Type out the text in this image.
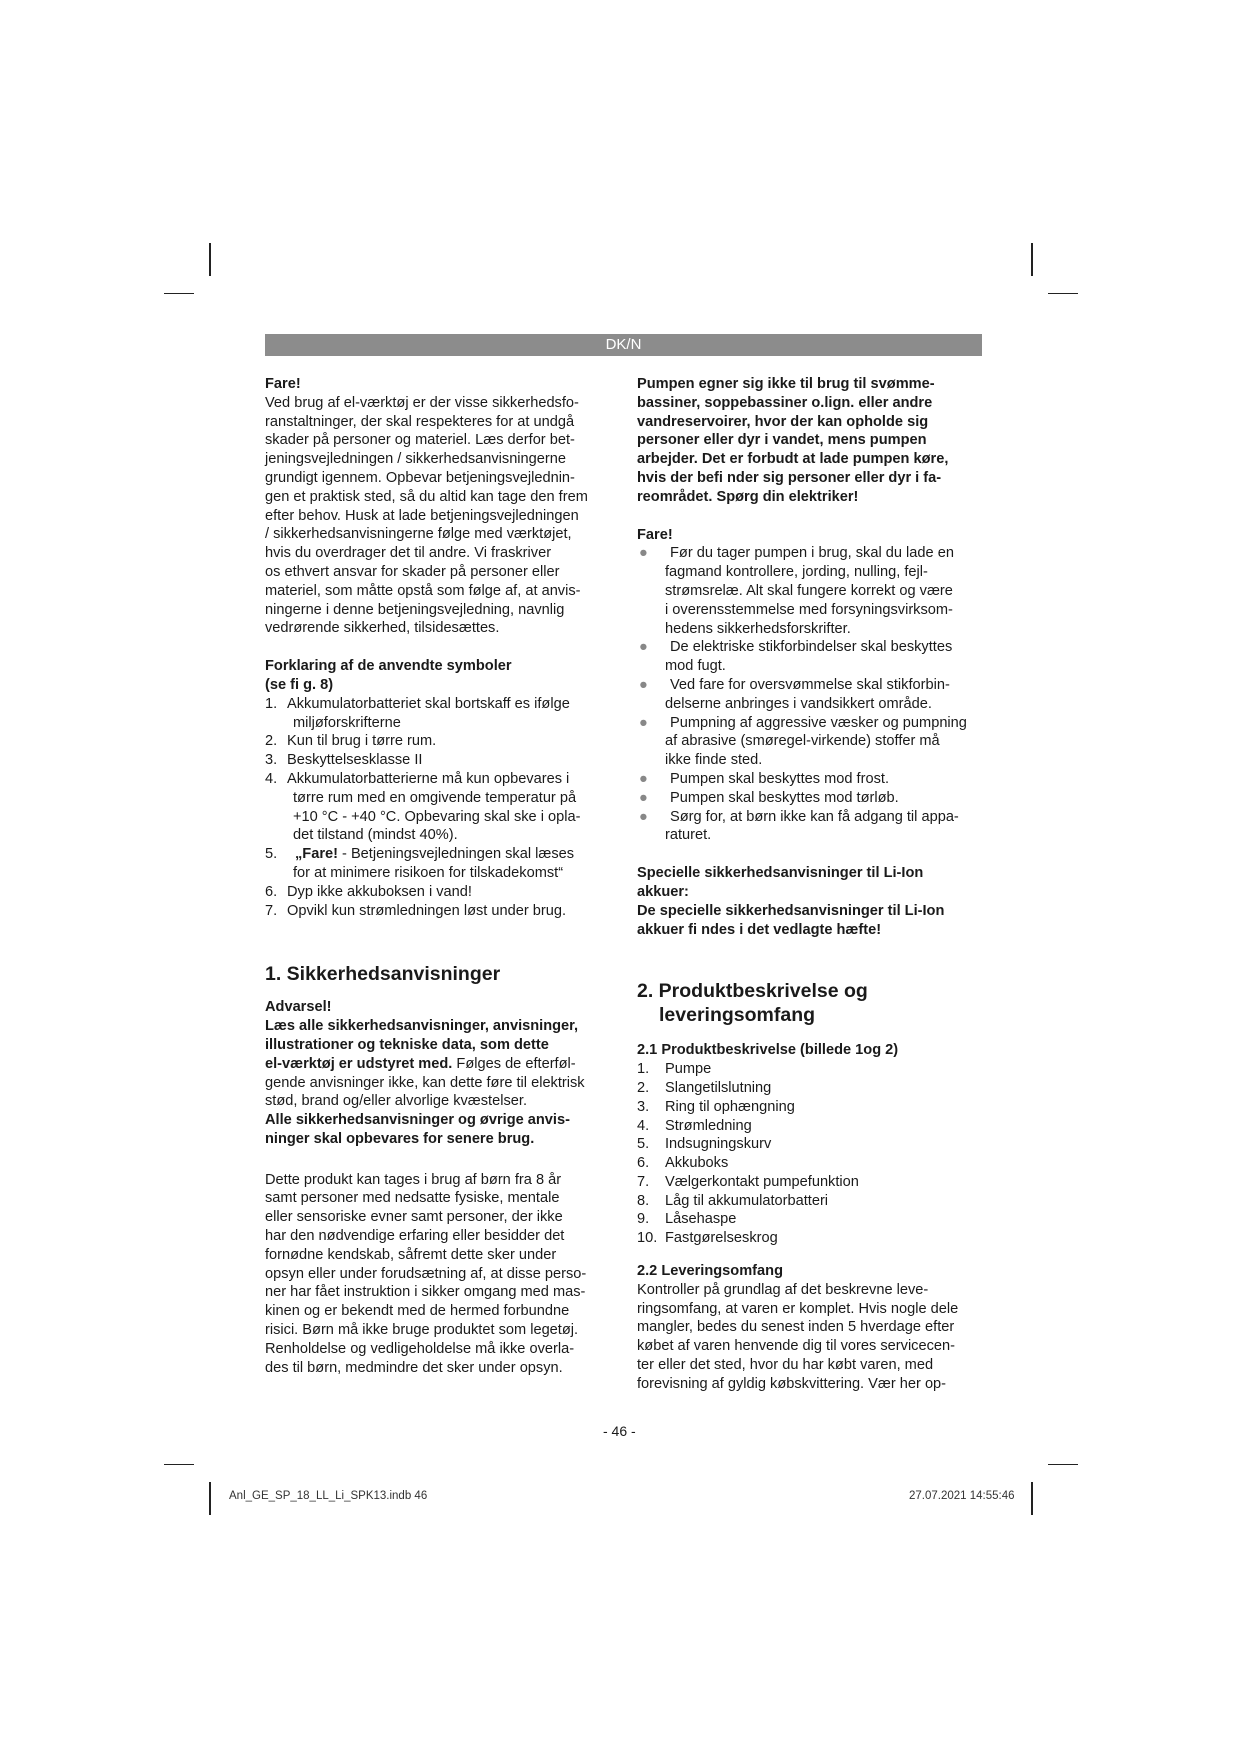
DK/N

Fare!

Ved brug af el-værktøj er der visse sikkerhedsfo-
ranstaltninger, der skal respekteres for at undgå
skader på personer og materiel. Læs derfor bet-
jeningsvejledningen / sikkerhedsanvisningerne
grundigt igennem. Opbevar betjeningsvejlednin-
gen et praktisk sted, så du altid kan tage den frem
efter behov. Husk at lade betjeningsvejledningen
/ sikkerhedsanvisningerne følge med værktøjet,
hvis du overdrager det til andre. Vi fraskriver
os ethvert ansvar for skader på personer eller
materiel, som måtte opstå som følge af, at anvis-
ningerne i denne betjeningsvejledning, navnlig
vedrørende sikkerhed, tilsidesættes.

Forklaring af de anvendte symboler

(se fi g. 8)

1. Akkumulatorbatteriet skal bortskaff es ifølge
miljøforskrifterne
2. Kun til brug i tørre rum.
3. Beskyttelsesklasse II
4. Akkumulatorbatterierne må kun opbevares i
tørre rum med en omgivende temperatur på
+10 °C - +40 °C. Opbevaring skal ske i opla-
det tilstand (mindst 40%).
5.	„Fare! - Betjeningsvejledningen skal læses
for at minimere risikoen for tilskadekomst“
6. Dyp ikke akkuboksen i vand!
7. Opvikl kun strømledningen løst under brug.

1. Sikkerhedsanvisninger

Advarsel!

Læs alle sikkerhedsanvisninger, anvisninger,
illustrationer og tekniske data, som dette
el-værktøj er udstyret med. Følges de efterføl-
gende anvisninger ikke, kan dette føre til elektrisk
stød, brand og/eller alvorlige kvæstelser.
Alle sikkerhedsanvisninger og øvrige anvis-
ninger skal opbevares for senere brug.
Dette produkt kan tages i brug af børn fra 8 år
samt personer med nedsatte fysiske, mentale
eller sensoriske evner samt personer, der ikke
har den nødvendige erfaring eller besidder det
fornødne kendskab, såfremt dette sker under
opsyn eller under forudsætning af, at disse perso-
ner har fået instruktion i sikker omgang med mas-
kinen og er bekendt med de hermed forbundne
risici. Børn må ikke bruge produktet som legetøj.
Renholdelse og vedligeholdelse må ikke overla-
des til børn, medmindre det sker under opsyn.
Pumpen egner sig ikke til brug til svømme-
bassiner, soppebassiner o.lign. eller andre
vandreservoirer, hvor der kan opholde sig
personer eller dyr i vandet, mens pumpen
arbejder. Det er forbudt at lade pumpen køre,
hvis der befi nder sig personer eller dyr i fa-
reområdet. Spørg din elektriker!

Fare!

●	Før du tager pumpen i brug, skal du lade en
fagmand kontrollere, jording, nulling, fejl-
strømsrelæ. Alt skal fungere korrekt og være
i overensstemmelse med forsyningsvirksom-
hedens sikkerhedsforskrifter.
●	De elektriske stikforbindelser skal beskyttes
mod fugt.
●	Ved fare for oversvømmelse skal stikforbin-
delserne anbringes i vandsikkert område.
●	Pumpning af aggressive væsker og pumpning
af abrasive (smøregel-virkende) stoffer må
ikke finde sted.
●	Pumpen skal beskyttes mod frost.
●	Pumpen skal beskyttes mod tørløb.
●	Sørg for, at børn ikke kan få adgang til appa-
raturet.
Specielle sikkerhedsanvisninger til Li-Ion
akkuer:
De specielle sikkerhedsanvisninger til Li-Ion
akkuer fi ndes i det vedlagte hæfte!

2. Produktbeskrivelse og

leveringsomfang

2.1 Produktbeskrivelse (billede 1og 2)

1. Pumpe
2. Slangetilslutning
3. Ring til ophængning
4. Strømledning
5. Indsugningskurv
6. Akkuboks
7. Vælgerkontakt pumpefunktion
8. Låg til akkumulatorbatteri
9. Låsehaspe
10. Fastgørelseskrog

2.2 Leveringsomfang

Kontroller på grundlag af det beskrevne leve-
ringsomfang, at varen er komplet. Hvis nogle dele
mangler, bedes du senest inden 5 hverdage efter
købet af varen henvende dig til vores servicecen-
ter eller det sted, hvor du har købt varen, med
forevisning af gyldig købskvittering. Vær her op-
- 46 -
Anl_GE_SP_18_LL_Li_SPK13.indb 46	27.07.2021 14:55:46
